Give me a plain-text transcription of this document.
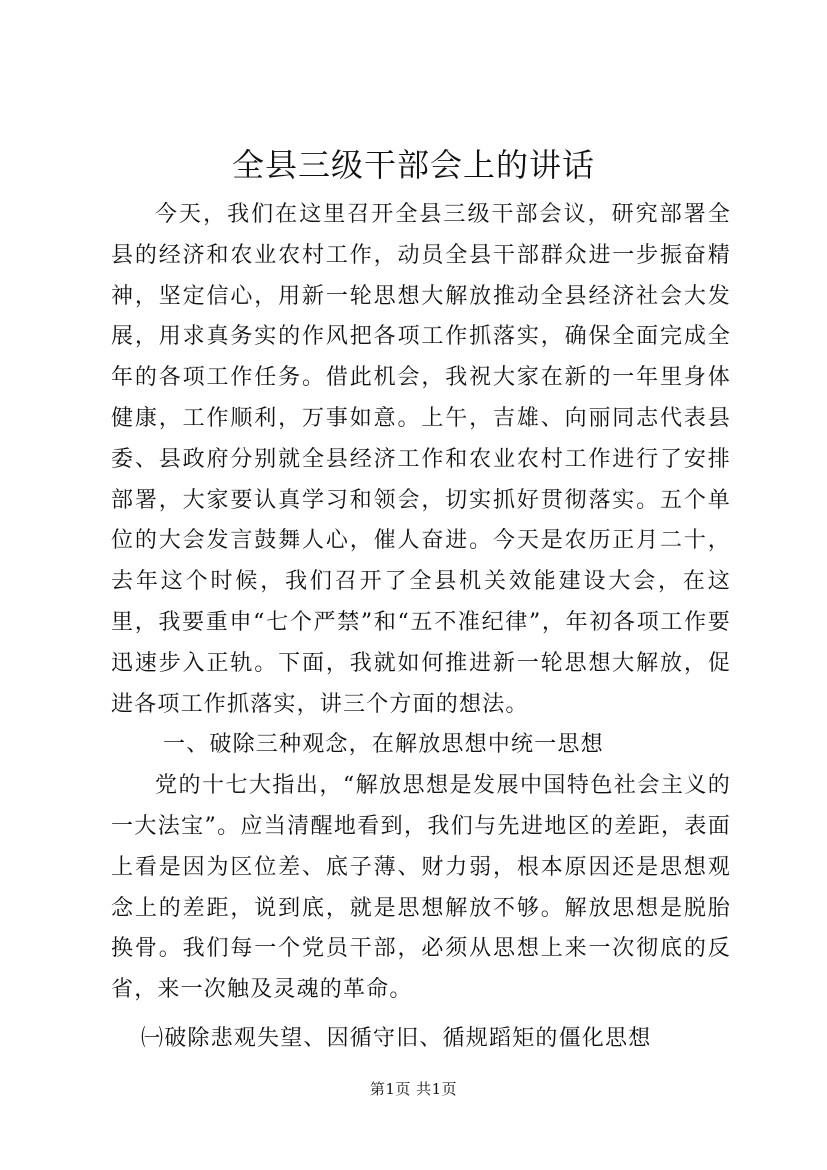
全县三级干部会上的讲话

今天，我们在这里召开全县三级干部会议，研究部署全县的经济和农业农村工作，动员全县干部群众进一步振奋精神，坚定信心，用新一轮思想大解放推动全县经济社会大发展，用求真务实的作风把各项工作抓落实，确保全面完成全年的各项工作任务。借此机会，我祝大家在新的一年里身体健康，工作顺利，万事如意。上午，吉雄、向丽同志代表县委、县政府分别就全县经济工作和农业农村工作进行了安排部署，大家要认真学习和领会，切实抓好贯彻落实。五个单位的大会发言鼓舞人心，催人奋进。今天是农历正月二十，去年这个时候，我们召开了全县机关效能建设大会，在这里，我要重申“七个严禁”和“五不准纪律”，年初各项工作要迅速步入正轨。下面，我就如何推进新一轮思想大解放，促进各项工作抓落实，讲三个方面的想法。

一、破除三种观念，在解放思想中统一思想

党的十七大指出，“解放思想是发展中国特色社会主义的一大法宝”。应当清醒地看到，我们与先进地区的差距，表面上看是因为区位差、底子薄、财力弱，根本原因还是思想观念上的差距，说到底，就是思想解放不够。解放思想是脱胎换骨。我们每一个党员干部，必须从思想上来一次彻底的反省，来一次触及灵魂的革命。

㈠破除悲观失望、因循守旧、循规蹈矩的僵化思想

第1页 共1页
